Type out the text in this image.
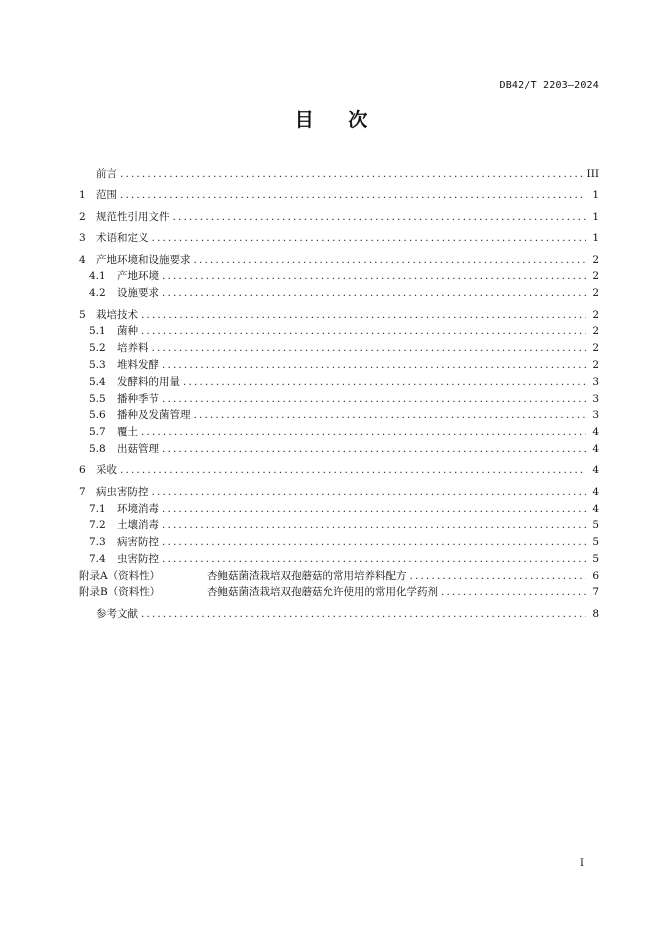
DB42/T 2203—2024
目 次
前言 . . .	III
1 范围 . . .	1
2 规范性引用文件 . . .	1
3 术语和定义 . . .	1
4 产地环境和设施要求 . . .	2
4.1	产地环境 . . .	2
4.2	设施要求 . . .	2
5 栽培技术 . . .	2
5.1	菌种 . . .	2
5.2	培养料 . . .	2
5.3	堆料发酵 . . .	2
5.4	发酵料的用量 . . .	3
5.5	播种季节 . . .	3
5.6	播种及发菌管理 . . .	3
5.7	覆土 . . .	4
5.8	出菇管理 . . .	4
6 采收 . . .	4
7 病虫害防控 . . .	4
7.1	环境消毒 . . .	4
7.2	土壤消毒 . . .	5
7.3	病害防控 . . .	5
7.4	虫害防控 . . .	5
附录A（资料性）	杏鲍菇菌渣栽培双孢蘑菇的常用培养料配方 . . .	6
附录B（资料性）	杏鲍菇菌渣栽培双孢蘑菇允许使用的常用化学药剂 . . .	7
参考文献 . . .	8
I
